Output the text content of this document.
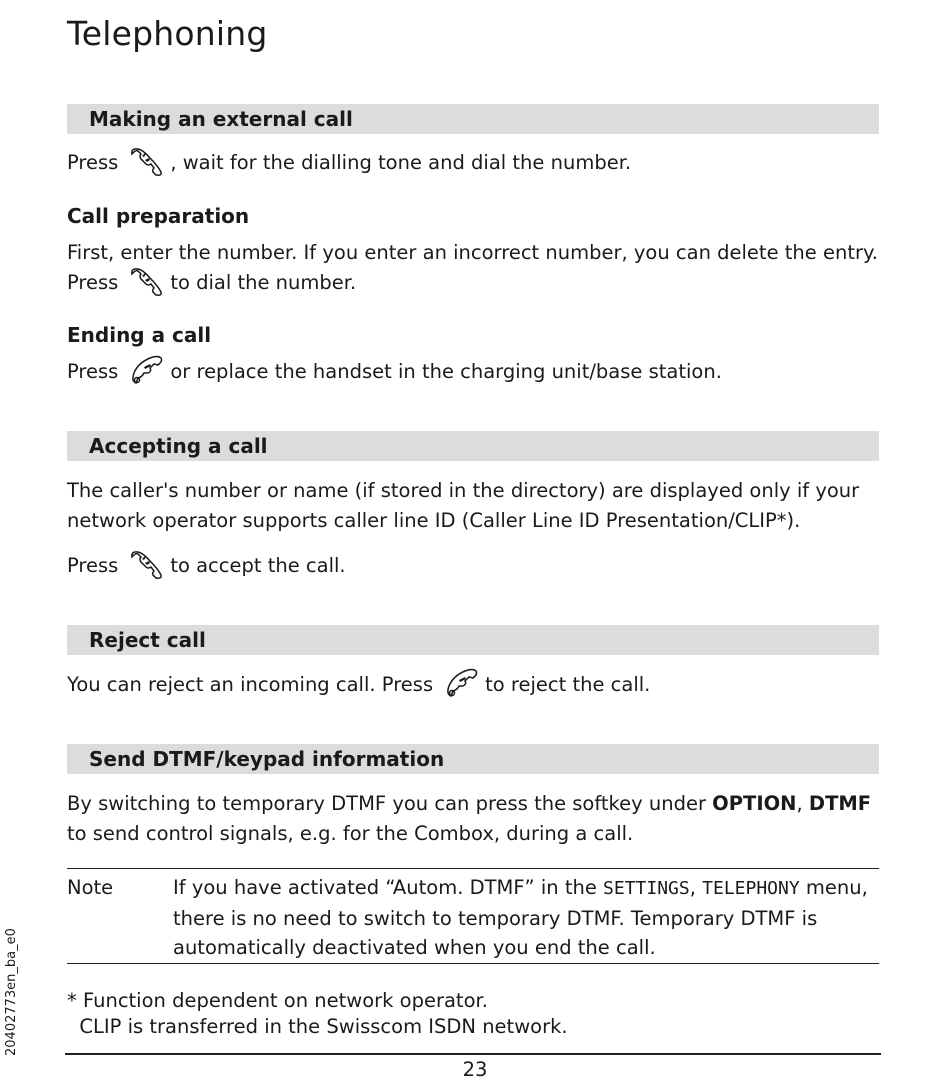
Telephoning
Making an external call
Press	, wait for the dialling tone and dial the number.
Call preparation
First, enter the number. If you enter an incorrect number, you can delete the entry.
Press	to dial the number.
Ending a call
Press	or replace the handset in the charging unit/base station.
Accepting a call
The caller's number or name (if stored in the directory) are displayed only if your network operator supports caller line ID (Caller Line ID Presentation/CLIP*).
Press	to accept the call.
Reject call
You can reject an incoming call. Press	to reject the call.
Send DTMF/keypad information
By switching to temporary DTMF you can press the softkey under OPTION, DTMF to send control signals, e.g. for the Combox, during a call.
Note	If you have activated “Autom. DTMF” in the SETTINGS, TELEPHONY menu, there is no need to switch to temporary DTMF. Temporary DTMF is automatically deactivated when you end the call.
* Function dependent on network operator.
CLIP is transferred in the Swisscom ISDN network.
20402773en_ba_e0
23
